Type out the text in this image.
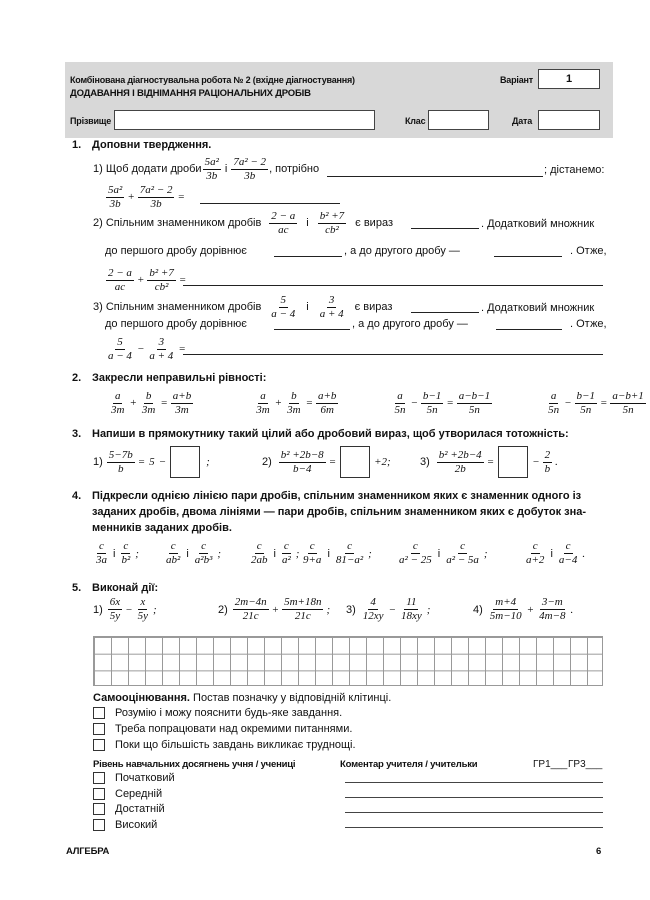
Комбінована діагностувальна робота № 2 (вхідне діагностування)
ДОДАВАННЯ І ВІДНІМАННЯ РАЦІОНАЛЬНИХ ДРОБІВ
Варіант	1
Прізвище	Клас	Дата
1. Доповни твердження.
1) Щоб додати дроби $\frac{\text{5a²}}{3b}$ і $\frac{\text{7a² − 2}}{3b}$ , потрібно	; дістанемо:
$\frac{\text{5a²}}{3b} + \frac{\text{7a² − 2}}{3b}$ =
2) Спільним знаменником дробів $\frac{2 - a}{ac}$ і $\frac{\text{b² +7}}{\text{cb²}}$ є вираз	. Додатковий множник
до першого дробу дорівнює	, а до другого дробу —	. Отже,
$\frac{2 - a}{ac} + \frac{\text{b² +7}}{\text{cb²}}$ =
3) Спільним знаменником дробів $\frac{5}{a - 4}$ і $\frac{3}{a + 4}$ є вираз	. Додатковий множник
до першого дробу дорівнює	, а до другого дробу —	. Отже,
$\frac{5}{a - 4} - \frac{3}{a + 4}$ =
2. Закресли неправильні рівності:
$\frac{a}{3m} + \frac{b}{3m} = \frac{a+b}{3m}$	$\frac{a}{3m} + \frac{b}{3m} = \frac{a+b}{6m}$	$\frac{a}{5n} - \frac{b-1}{5n} = \frac{a-b-1}{5n}$	$\frac{a}{5n} - \frac{b-1}{5n} = \frac{a-b+1}{5n}$
3. Напиши в прямокутнику такий цілий або дробовий вираз, щоб утворилася тотожність:
$1) \frac{5-7b}{b} = 5$ −	;	$2) \frac{\text{b² +2b−8}}{b-4}$ =	+2;	$3) \frac{\text{b² +2b−4}}{2b}$ =	− $\frac{2}{b}$ .
4. Підкресли однією лінією пари дробів, спільним знаменником яких є знаменник одного із
заданих дробів, двома лініями — пари дробів, спільним знаменником яких є добуток зна-
менників заданих дробів.
$\frac{c}{3a}$ і $\frac{c}{\text{b²}}$ ; $\frac{c}{\text{ab²}}$ і $\frac{c}{\text{a²b³}}$ ;	$\frac{c}{2ab}$ і $\frac{c}{\text{a²}}$ ; $\frac{c}{9+a}$ і $\frac{c}{\text{81−a²}}$ ; $\frac{c}{\text{a² − 25}}$ і $\frac{c}{\text{a² − 5a}}$ ;	$\frac{c}{a+2}$ і $\frac{c}{a-4}$ .
5. Виконай дії:
$1) \frac{6x}{5y} - \frac{x}{5y}$ ;	$2) \frac{2m-4n}{21c} + \frac{5m+18n}{21c}$ ; $3) \frac{4}{12xy} - \frac{11}{18xy}$ ;	$4) \frac{m+4}{5m-10} + \frac{3-m}{4m-8}$ .
Самооцінювання. Постав позначку у відповідній клітинці.
Розумію і можу пояснити будь-яке завдання.
Треба попрацювати над окремими питаннями.
Поки що більшість завдань викликає труднощі.
Рівень навчальних досягнень учня / учениці
Початковий
Середній
Достатній
Високий
Коментар учителя / учительки	ГР1___ ГР3___
АЛГЕБРА	6
